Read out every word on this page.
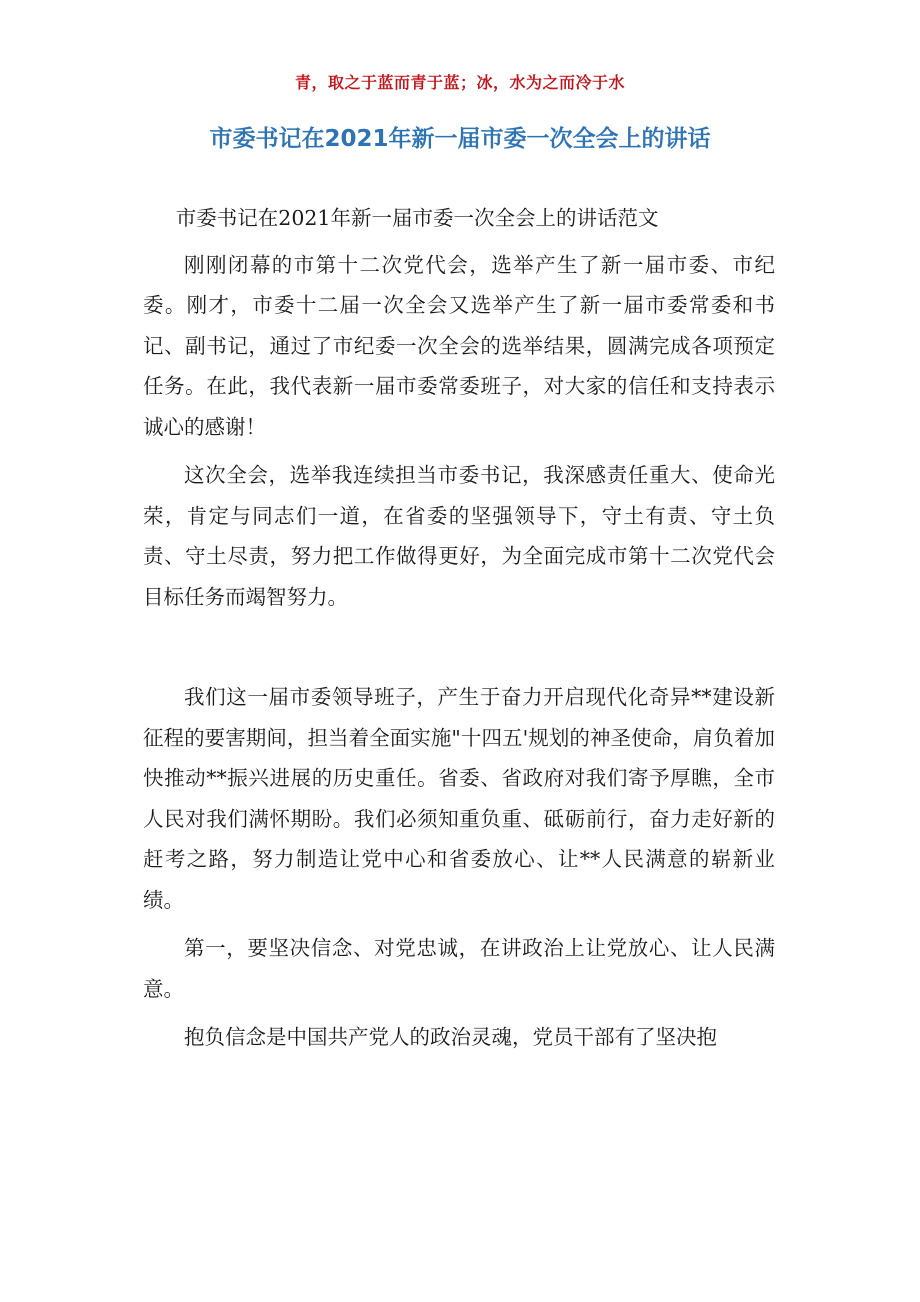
青，取之于蓝而青于蓝；冰，水为之而冷于水
市委书记在2021年新一届市委一次全会上的讲话

市委书记在2021年新一届市委一次全会上的讲话范文

刚刚闭幕的市第十二次党代会，选举产生了新一届市委、市纪委。刚才，市委十二届一次全会又选举产生了新一届市委常委和书记、副书记，通过了市纪委一次全会的选举结果，圆满完成各项预定任务。在此，我代表新一届市委常委班子，对大家的信任和支持表示诚心的感谢！

这次全会，选举我连续担当市委书记，我深感责任重大、使命光荣，肯定与同志们一道，在省委的坚强领导下，守土有责、守土负责、守土尽责，努力把工作做得更好，为全面完成市第十二次党代会目标任务而竭智努力。

我们这一届市委领导班子，产生于奋力开启现代化奇异**建设新征程的要害期间，担当着全面实施"十四五'规划的神圣使命，肩负着加快推动**振兴进展的历史重任。省委、省政府对我们寄予厚瞧，全市人民对我们满怀期盼。我们必须知重负重、砥砺前行，奋力走好新的赶考之路，努力制造让党中心和省委放心、让**人民满意的崭新业绩。

第一，要坚决信念、对党忠诚，在讲政治上让党放心、让人民满意。

抱负信念是中国共产党人的政治灵魂，党员干部有了坚决抱
